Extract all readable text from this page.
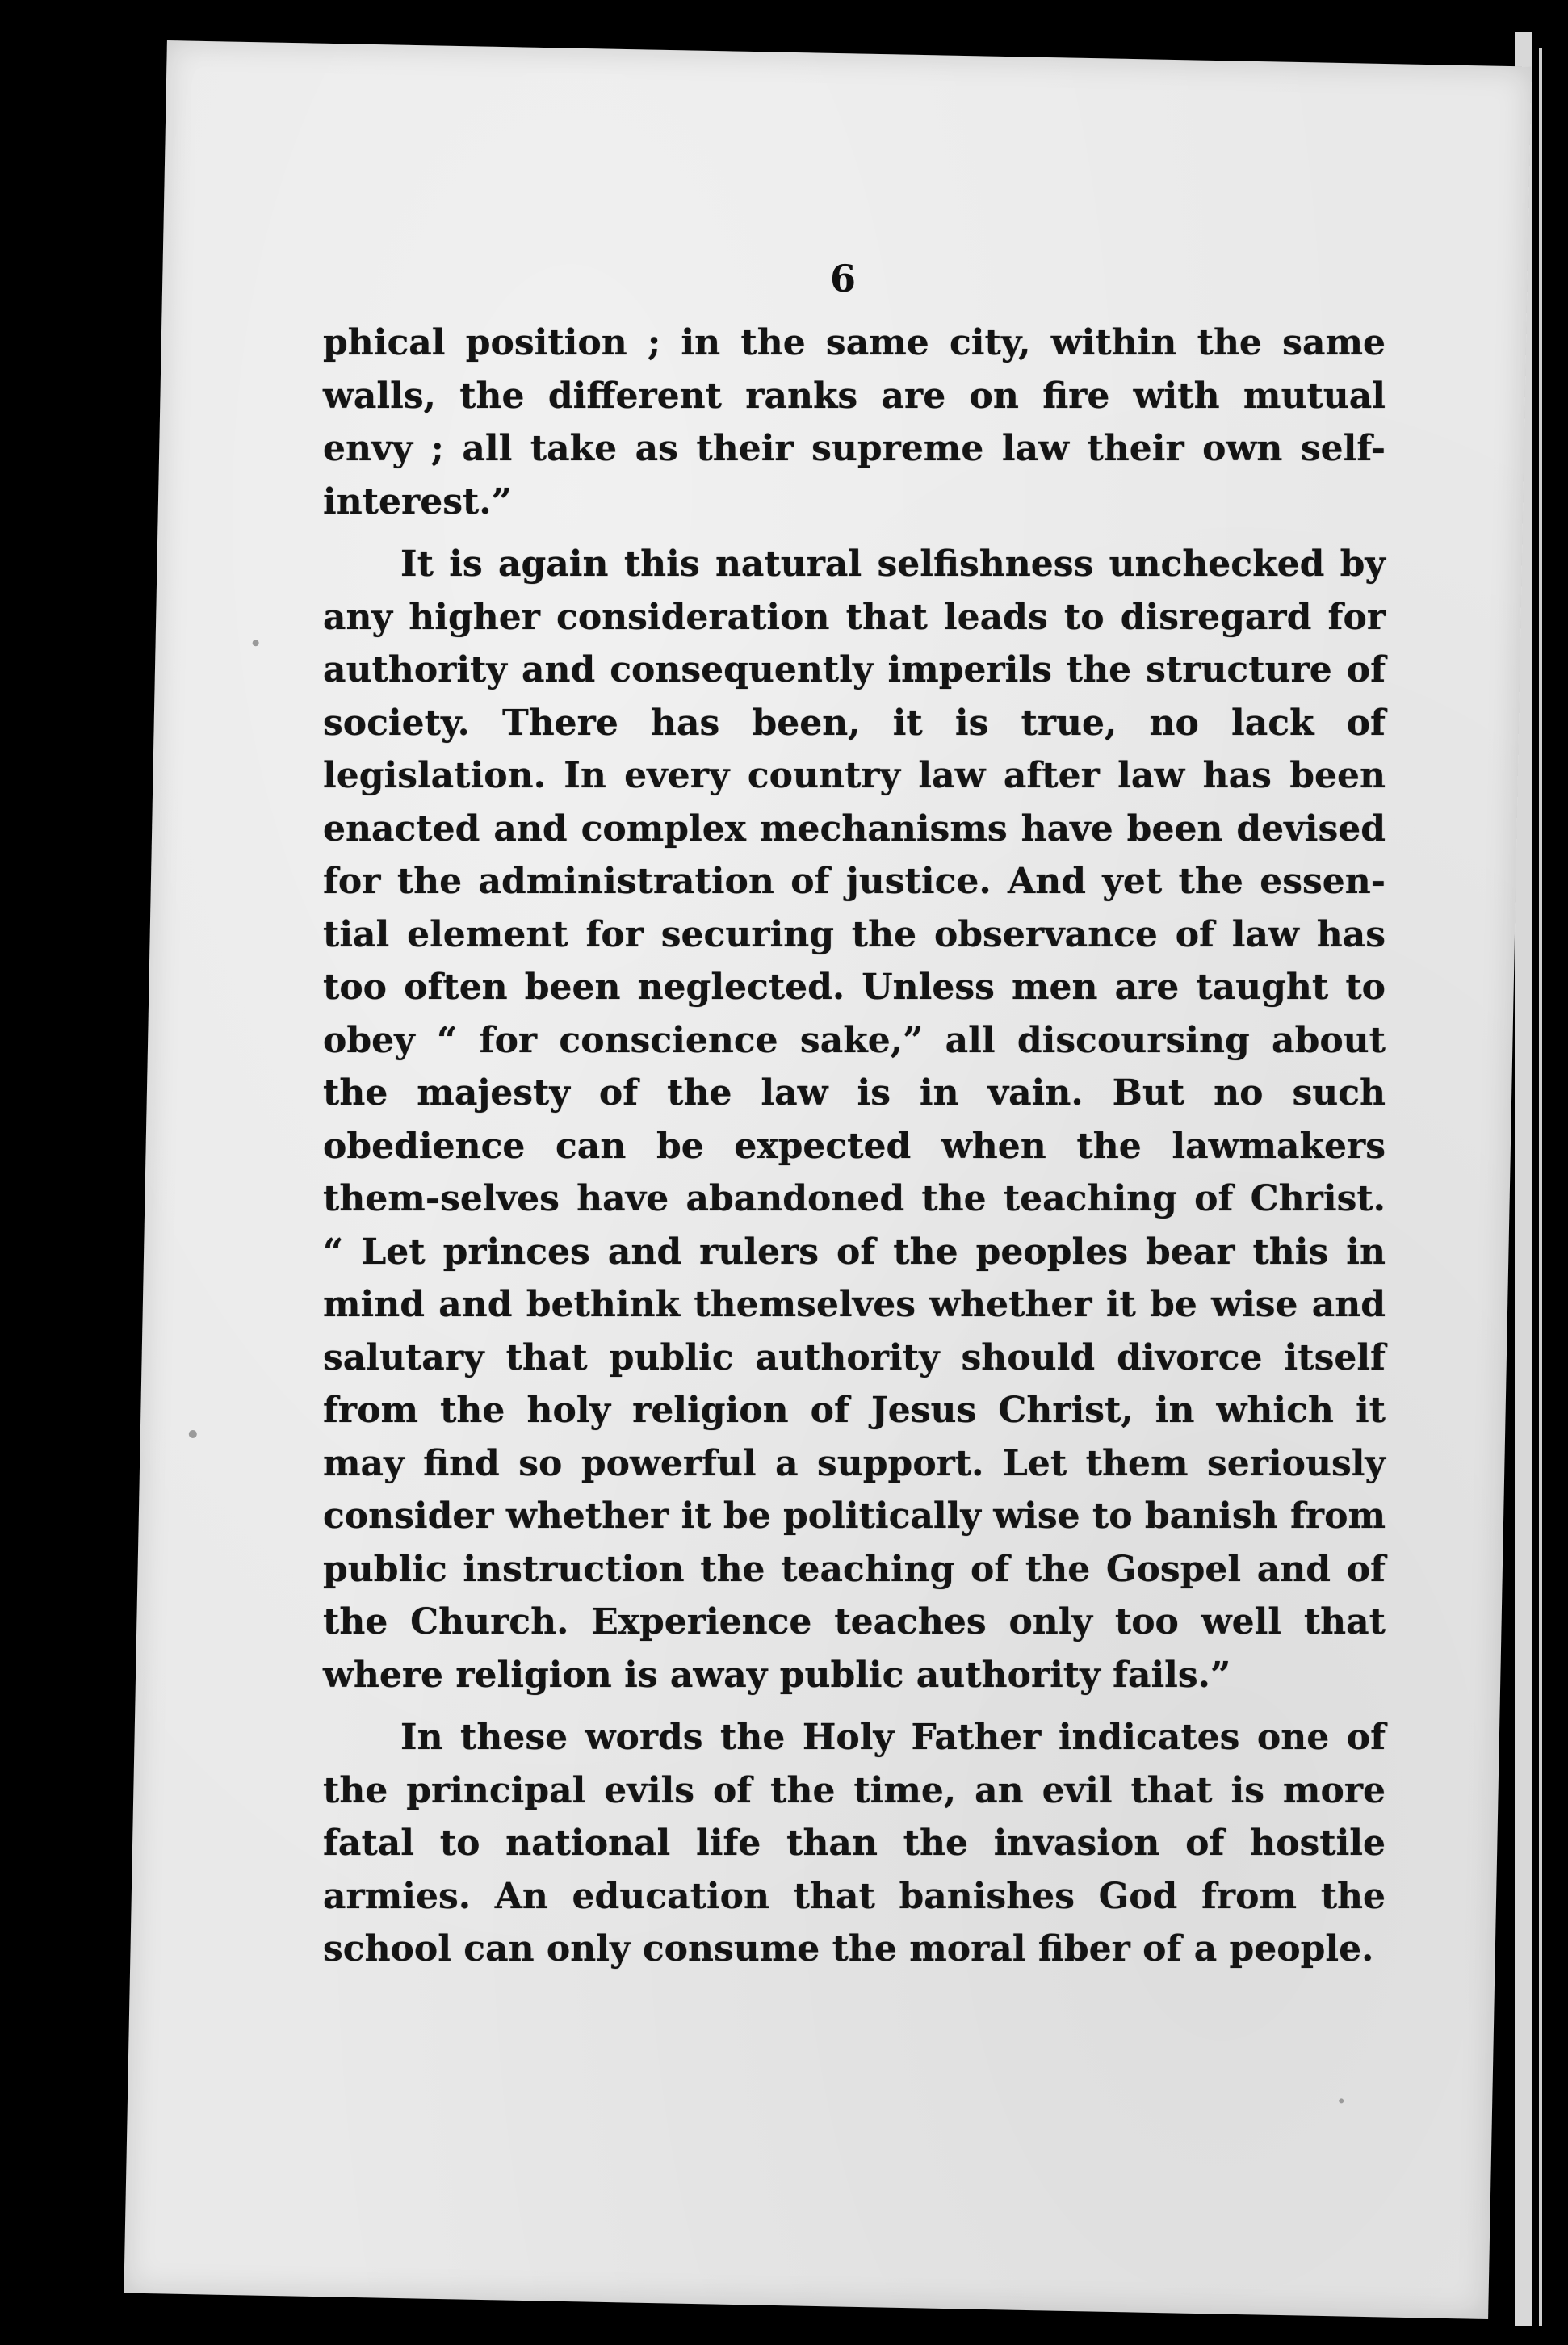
6

phical position ; in the same city, within the same walls, the different ranks are on fire with mutual envy ; all take as their supreme law their own self-interest.”

It is again this natural selfishness unchecked by any higher consideration that leads to disregard for authority and consequently imperils the structure of society. There has been, it is true, no lack of legislation. In every country law after law has been enacted and complex mechanisms have been devised for the administration of justice. And yet the essen-tial element for securing the observance of law has too often been neglected. Unless men are taught to obey “ for conscience sake,” all discoursing about the majesty of the law is in vain. But no such obedience can be expected when the lawmakers them-selves have abandoned the teaching of Christ. “ Let princes and rulers of the peoples bear this in mind and bethink themselves whether it be wise and salutary that public authority should divorce itself from the holy religion of Jesus Christ, in which it may find so powerful a support. Let them seriously consider whether it be politically wise to banish from public instruction the teaching of the Gospel and of the Church. Experience teaches only too well that where religion is away public authority fails.”

In these words the Holy Father indicates one of the principal evils of the time, an evil that is more fatal to national life than the invasion of hostile armies. An education that banishes God from the school can only consume the moral fiber of a people.
